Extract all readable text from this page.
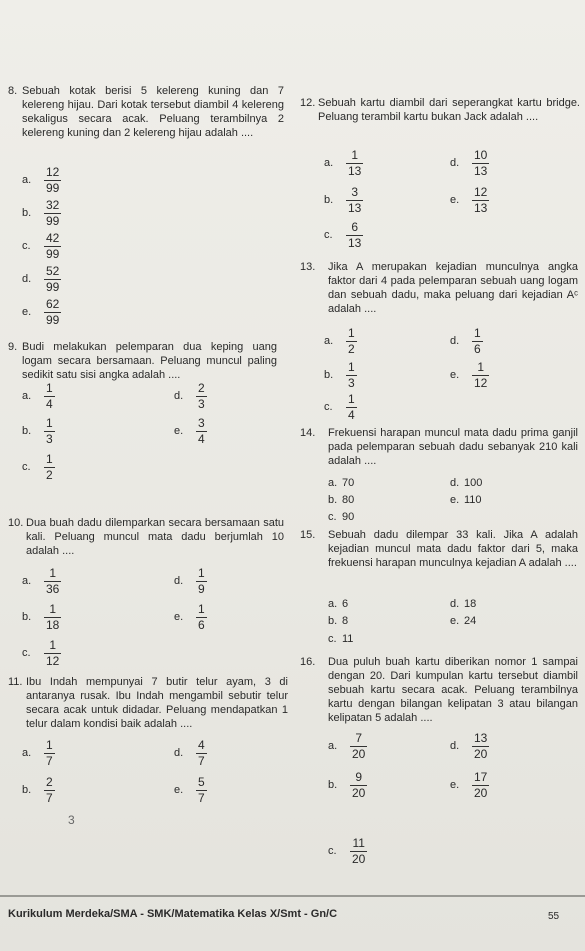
8. Sebuah kotak berisi 5 kelereng kuning dan 7 kelereng hijau. Dari kotak tersebut diambil 4 kelereng sekaligus secara acak. Peluang terambilnya 2 kelereng kuning dan 2 kelereng hijau adalah ....
a. $\frac{12}{99}$
b. $\frac{32}{99}$
c. $\frac{42}{99}$
d. $\frac{52}{99}$
e. $\frac{62}{99}$
9. Budi melakukan pelemparan dua keping uang logam secara bersamaan. Peluang muncul paling sedikit satu sisi angka adalah ....
a. $\frac{1}{4}$	d. $\frac{2}{3}$
b. $\frac{1}{3}$	e. $\frac{3}{4}$
c. $\frac{1}{2}$
10. Dua buah dadu dilemparkan secara bersamaan satu kali. Peluang muncul mata dadu berjumlah 10 adalah ....
a. $\frac{1}{36}$	d. $\frac{1}{9}$
b. $\frac{1}{18}$	e. $\frac{1}{6}$
c. $\frac{1}{12}$
11. Ibu Indah mempunyai 7 butir telur ayam, 3 di antaranya rusak. Ibu Indah mengambil sebutir telur secara acak untuk didadar. Peluang mendapatkan 1 telur dalam kondisi baik adalah ....
a. $\frac{1}{7}$	d. $\frac{4}{7}$
b. $\frac{2}{7}$	e. $\frac{5}{7}$
3
12. Sebuah kartu diambil dari seperangkat kartu bridge. Peluang terambil kartu bukan Jack adalah ....
a. $\frac{1}{13}$	d. $\frac{10}{13}$
b. $\frac{3}{13}$	e. $\frac{12}{13}$
c. $\frac{6}{13}$
13. Jika A merupakan kejadian munculnya angka faktor dari 4 pada pelemparan sebuah uang logam dan sebuah dadu, maka peluang dari kejadian Aᶜ adalah ....
a. $\frac{1}{2}$	d. $\frac{1}{6}$
b. $\frac{1}{3}$	e. $\frac{1}{12}$
c. $\frac{1}{4}$
14. Frekuensi harapan muncul mata dadu prima ganjil pada pelemparan sebuah dadu sebanyak 210 kali adalah ....
a. 70	d. 100
b. 80	e. 110
c. 90
15. Sebuah dadu dilempar 33 kali. Jika A adalah kejadian muncul mata dadu faktor dari 5, maka frekuensi harapan munculnya kejadian A adalah ....
a. 6	d. 18
b. 8	e. 24
c. 11
16. Dua puluh buah kartu diberikan nomor 1 sampai dengan 20. Dari kumpulan kartu tersebut diambil sebuah kartu secara acak. Peluang terambilnya kartu dengan bilangan kelipatan 3 atau bilangan kelipatan 5 adalah ....
a. $\frac{7}{20}$	d. $\frac{13}{20}$
b. $\frac{9}{20}$	e. $\frac{17}{20}$
c. $\frac{11}{20}$
Kurikulum Merdeka/SMA - SMK/Matematika Kelas X/Smt - Gn/C	55
